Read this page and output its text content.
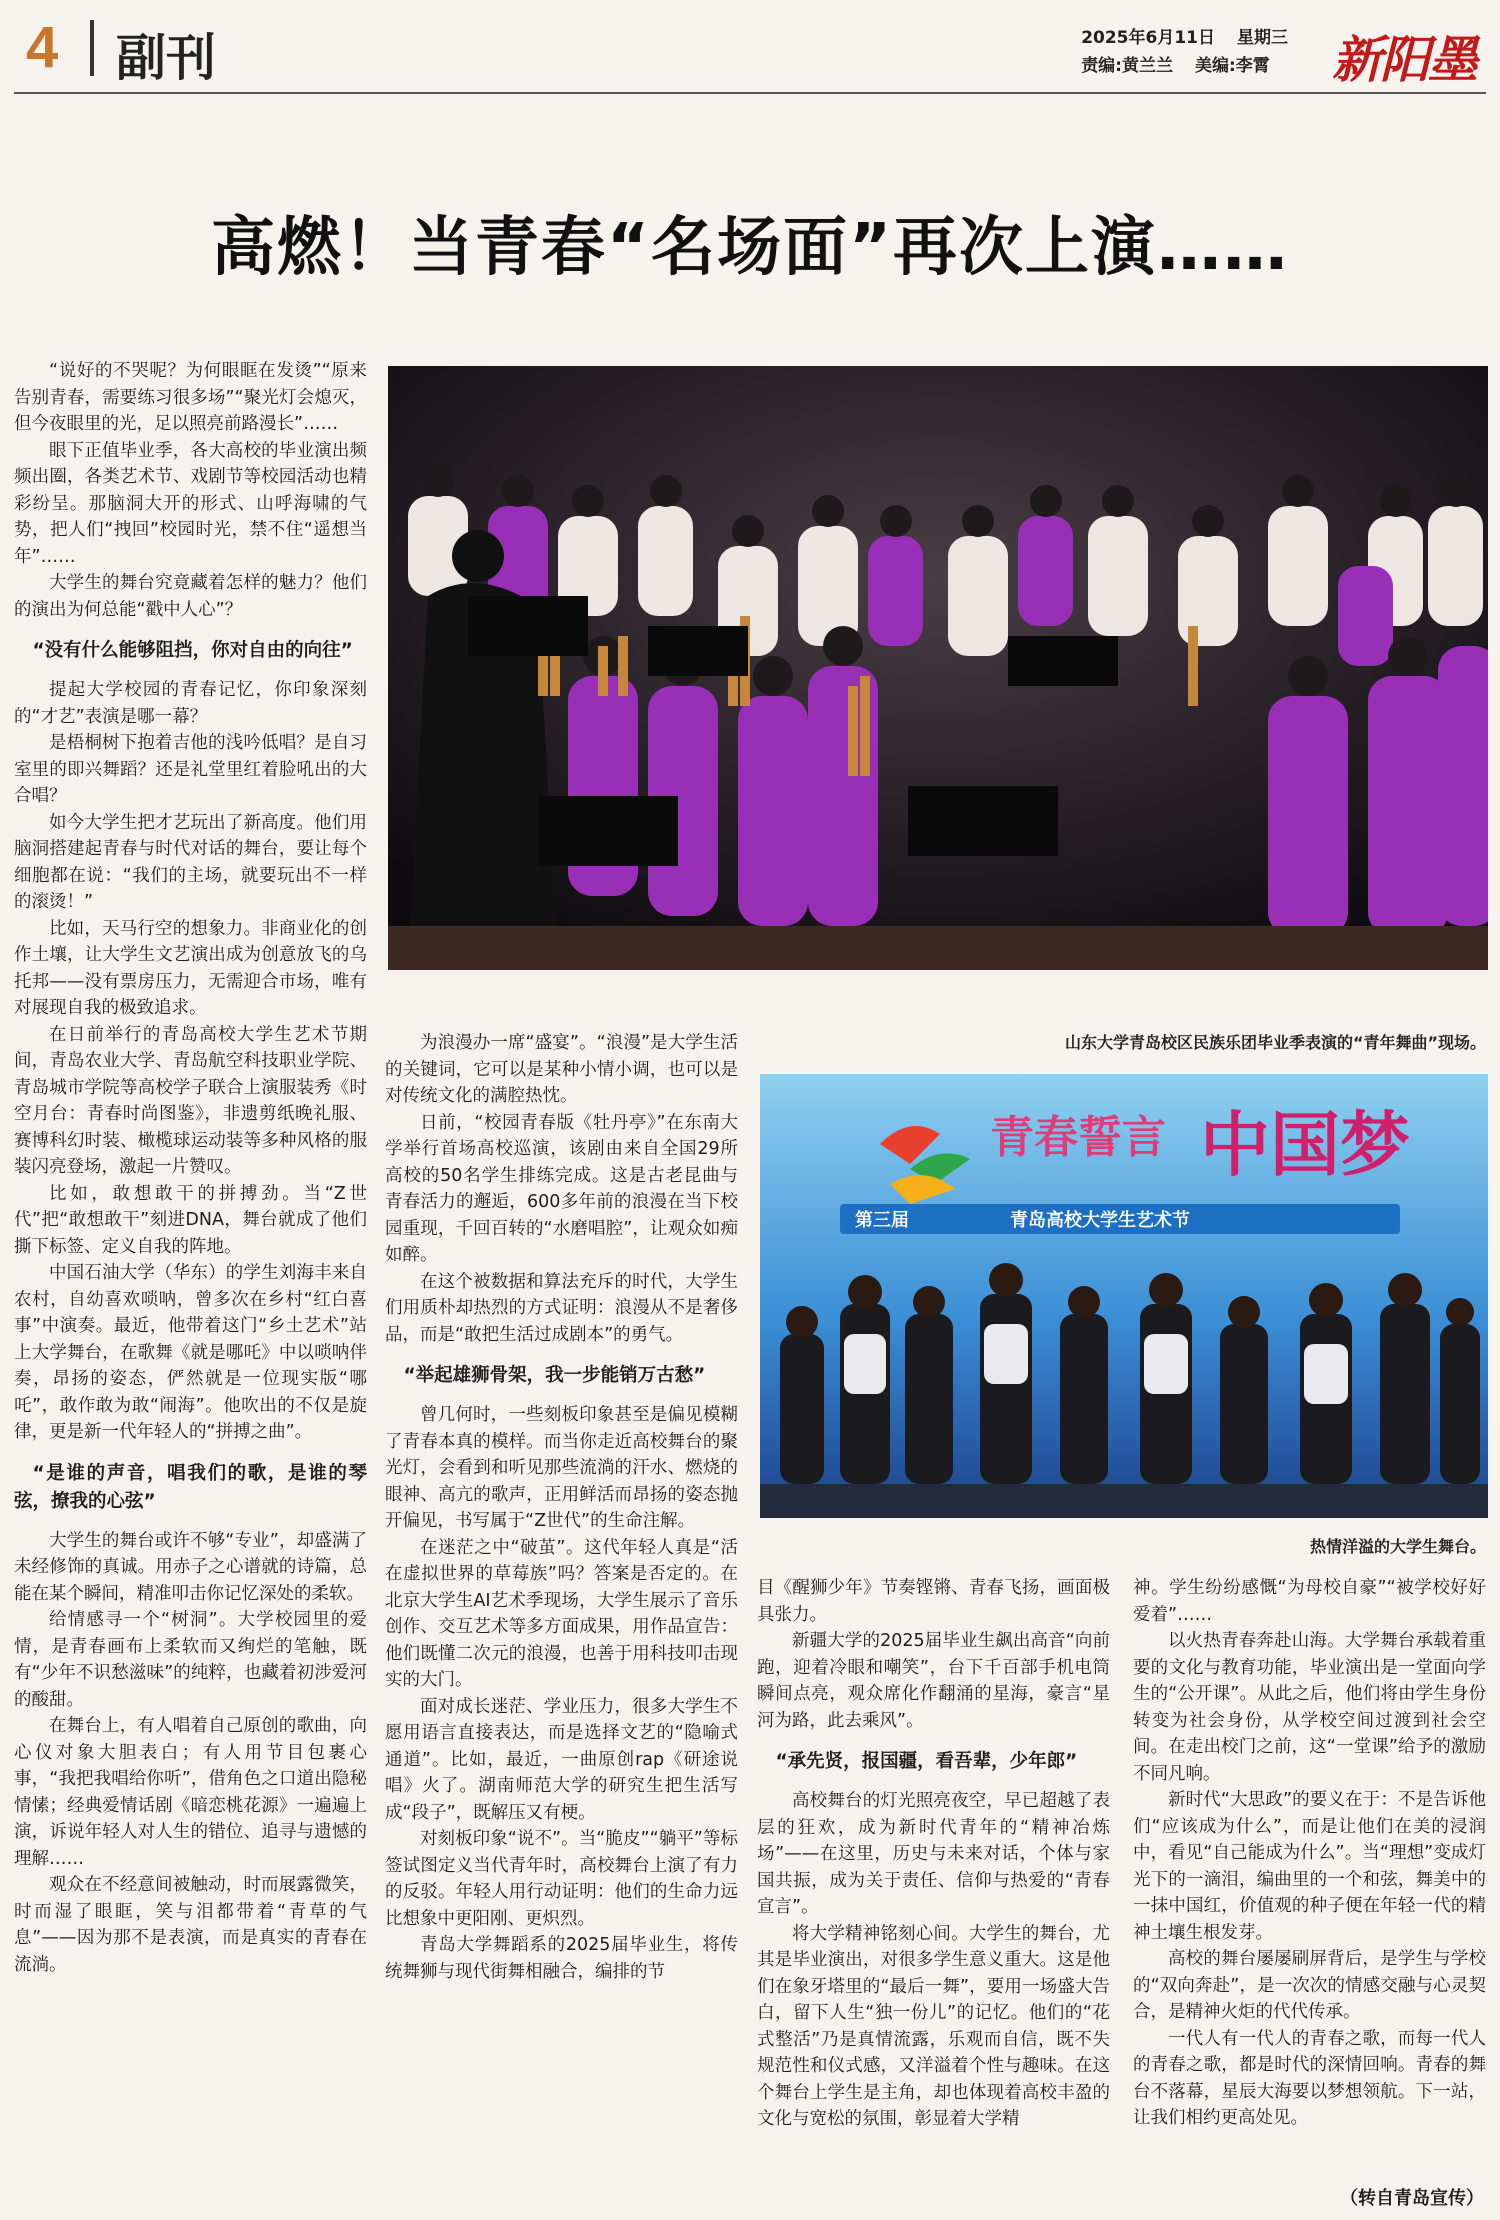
4 副刊	2025年6月11日 星期三
责编:黄兰兰 美编:李霄	新阳墨
高燃！当青春“名场面”再次上演……

“说好的不哭呢？为何眼眶在发烫”“原来告别青春，需要练习很多场”“聚光灯会熄灭，但今夜眼里的光，足以照亮前路漫长”……

眼下正值毕业季，各大高校的毕业演出频频出圈，各类艺术节、戏剧节等校园活动也精彩纷呈。那脑洞大开的形式、山呼海啸的气势，把人们“拽回”校园时光，禁不住“遥想当年”……

大学生的舞台究竟藏着怎样的魅力？他们的演出为何总能“戳中人心”？

“没有什么能够阻挡，你对自由的向往”

提起大学校园的青春记忆，你印象深刻的“才艺”表演是哪一幕？

是梧桐树下抱着吉他的浅吟低唱？是自习室里的即兴舞蹈？还是礼堂里红着脸吼出的大合唱？

如今大学生把才艺玩出了新高度。他们用脑洞搭建起青春与时代对话的舞台，要让每个细胞都在说：“我们的主场，就要玩出不一样的滚烫！”

比如，天马行空的想象力。非商业化的创作土壤，让大学生文艺演出成为创意放飞的乌托邦——没有票房压力，无需迎合市场，唯有对展现自我的极致追求。

在日前举行的青岛高校大学生艺术节期间，青岛农业大学、青岛航空科技职业学院、青岛城市学院等高校学子联合上演服装秀《时空月台：青春时尚图鉴》，非遗剪纸晚礼服、赛博科幻时装、橄榄球运动装等多种风格的服装闪亮登场，激起一片赞叹。

比如，敢想敢干的拼搏劲。当“Z世代”把“敢想敢干”刻进DNA，舞台就成了他们撕下标签、定义自我的阵地。

中国石油大学（华东）的学生刘海丰来自农村，自幼喜欢唢呐，曾多次在乡村“红白喜事”中演奏。最近，他带着这门“乡土艺术”站上大学舞台，在歌舞《就是哪吒》中以唢呐伴奏，昂扬的姿态，俨然就是一位现实版“哪吒”，敢作敢为敢“闹海”。他吹出的不仅是旋律，更是新一代年轻人的“拼搏之曲”。

“是谁的声音，唱我们的歌，是谁的琴弦，撩我的心弦”

大学生的舞台或许不够“专业”，却盛满了未经修饰的真诚。用赤子之心谱就的诗篇，总能在某个瞬间，精准叩击你记忆深处的柔软。

给情感寻一个“树洞”。大学校园里的爱情，是青春画布上柔软而又绚烂的笔触，既有“少年不识愁滋味”的纯粹，也藏着初涉爱河的酸甜。

在舞台上，有人唱着自己原创的歌曲，向心仪对象大胆表白；有人用节目包裹心事，“我把我唱给你听”，借角色之口道出隐秘情愫；经典爱情话剧《暗恋桃花源》一遍遍上演，诉说年轻人对人生的错位、追寻与遗憾的理解……

观众在不经意间被触动，时而展露微笑，时而湿了眼眶，笑与泪都带着“青草的气息”——因为那不是表演，而是真实的青春在流淌。

山东大学青岛校区民族乐团毕业季表演的“青年舞曲”现场。

为浪漫办一席“盛宴”。“浪漫”是大学生活的关键词，它可以是某种小情小调，也可以是对传统文化的满腔热忱。

日前，“校园青春版《牡丹亭》”在东南大学举行首场高校巡演，该剧由来自全国29所高校的50名学生排练完成。这是古老昆曲与青春活力的邂逅，600多年前的浪漫在当下校园重现，千回百转的“水磨唱腔”，让观众如痴如醉。

在这个被数据和算法充斥的时代，大学生们用质朴却热烈的方式证明：浪漫从不是奢侈品，而是“敢把生活过成剧本”的勇气。

“举起雄狮骨架，我一步能销万古愁”

曾几何时，一些刻板印象甚至是偏见模糊了青春本真的模样。而当你走近高校舞台的聚光灯，会看到和听见那些流淌的汗水、燃烧的眼神、高亢的歌声，正用鲜活而昂扬的姿态抛开偏见，书写属于“Z世代”的生命注解。

在迷茫之中“破茧”。这代年轻人真是“活在虚拟世界的草莓族”吗？答案是否定的。在北京大学生AI艺术季现场，大学生展示了音乐创作、交互艺术等多方面成果，用作品宣告：他们既懂二次元的浪漫，也善于用科技叩击现实的大门。

面对成长迷茫、学业压力，很多大学生不愿用语言直接表达，而是选择文艺的“隐喻式通道”。比如，最近，一曲原创rap《研途说唱》火了。湖南师范大学的研究生把生活写成“段子”，既解压又有梗。

对刻板印象“说不”。当“脆皮”“躺平”等标签试图定义当代青年时，高校舞台上演了有力的反驳。年轻人用行动证明：他们的生命力远比想象中更阳刚、更炽烈。

青岛大学舞蹈系的2025届毕业生，将传统舞狮与现代街舞相融合，编排的节

青春誓言 中国梦
第三届	青岛高校大学生艺术节
热情洋溢的大学生舞台。

目《醒狮少年》节奏铿锵、青春飞扬，画面极具张力。

新疆大学的2025届毕业生飙出高音“向前跑，迎着冷眼和嘲笑”，台下千百部手机电筒瞬间点亮，观众席化作翻涌的星海，豪言“星河为路，此去乘风”。

“承先贤，报国疆，看吾辈，少年郎”

高校舞台的灯光照亮夜空，早已超越了表层的狂欢，成为新时代青年的“精神冶炼场”——在这里，历史与未来对话，个体与家国共振，成为关于责任、信仰与热爱的“青春宣言”。

将大学精神铭刻心间。大学生的舞台，尤其是毕业演出，对很多学生意义重大。这是他们在象牙塔里的“最后一舞”，要用一场盛大告白，留下人生“独一份儿”的记忆。他们的“花式整活”乃是真情流露，乐观而自信，既不失规范性和仪式感，又洋溢着个性与趣味。在这个舞台上学生是主角，却也体现着高校丰盈的文化与宽松的氛围，彰显着大学精

神。学生纷纷感慨“为母校自豪”“被学校好好爱着”……

以火热青春奔赴山海。大学舞台承载着重要的文化与教育功能，毕业演出是一堂面向学生的“公开课”。从此之后，他们将由学生身份转变为社会身份，从学校空间过渡到社会空间。在走出校门之前，这“一堂课”给予的激励不同凡响。

新时代“大思政”的要义在于：不是告诉他们“应该成为什么”，而是让他们在美的浸润中，看见“自己能成为什么”。当“理想”变成灯光下的一滴泪，编曲里的一个和弦，舞美中的一抹中国红，价值观的种子便在年轻一代的精神土壤生根发芽。

高校的舞台屡屡刷屏背后，是学生与学校的“双向奔赴”，是一次次的情感交融与心灵契合，是精神火炬的代代传承。

一代人有一代人的青春之歌，而每一代人的青春之歌，都是时代的深情回响。青春的舞台不落幕，星辰大海要以梦想领航。下一站，让我们相约更高处见。

（转自青岛宣传）
